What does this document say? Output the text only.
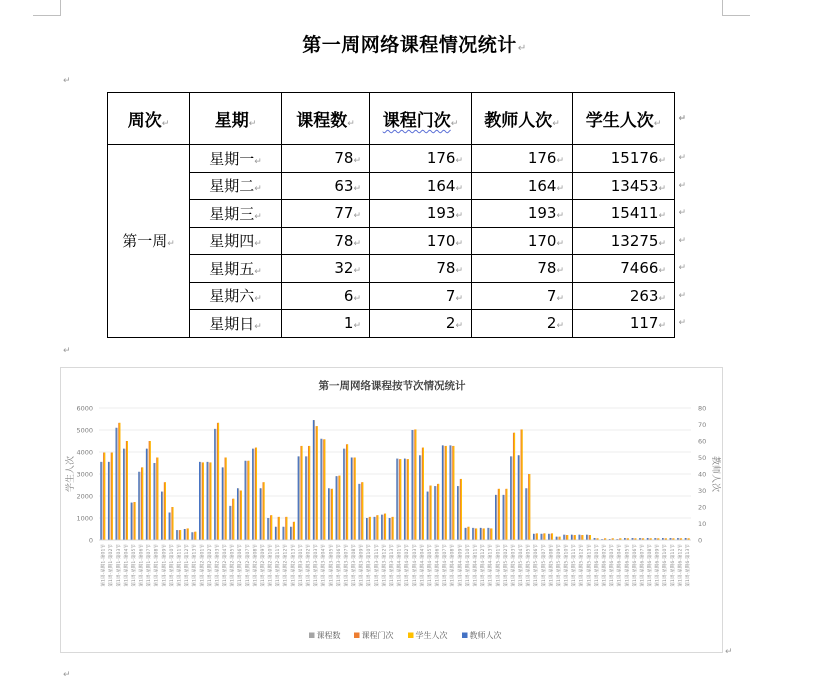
第一周网络课程情况统计↵
↵
周次↵	星期↵	课程数↵	课程门次↵	教师人次↵	学生人次↵
↵

第一周↵	星期一↵	78↵	176↵	176↵	15176↵ ↵

	星期二↵	63↵	164↵	164↵	13453↵ ↵

	星期三↵	77↵	193↵	193↵	15411↵ ↵

	星期四↵	78↵	170↵	170↵	13275↵ ↵

	星期五↵	32↵	78↵	78↵	7466↵ ↵

	星期六↵	6↵	7↵	7↵	263↵ ↵

	星期日↵	1↵	2↵	2↵	117↵ ↵
↵
第一周网络课程按节次情况统计
0
1000
2000
3000
4000
5000
6000
0
10
20
30
40
50
60
70
80
学生人次	教师人次
第1周-星期1-第01节 第1周-星期1-第02节 第1周-星期1-第03节 第1周-星期1-第04节 第1周-星期1-第05节 第1周-星期1-第06节 第1周-星期1-第07节 第1周-星期1-第08节 第1周-星期1-第09节 第1周-星期1-第10节 第1周-星期1-第11节 第1周-星期1-第12节 第1周-星期1-第13节 第1周-星期2-第01节 第1周-星期2-第02节 第1周-星期2-第03节 第1周-星期2-第04节 第1周-星期2-第05节 第1周-星期2-第06节 第1周-星期2-第07节 第1周-星期2-第08节 第1周-星期2-第09节 第1周-星期2-第10节 第1周-星期2-第11节 第1周-星期2-第12节 第1周-星期2-第13节 第1周-星期3-第01节 第1周-星期3-第02节 第1周-星期3-第03节 第1周-星期3-第04节 第1周-星期3-第05节 第1周-星期3-第06节 第1周-星期3-第07节 第1周-星期3-第08节 第1周-星期3-第09节 第1周-星期3-第10节 第1周-星期3-第11节 第1周-星期3-第12节 第1周-星期3-第13节 第1周-星期4-第01节 第1周-星期4-第02节 第1周-星期4-第03节 第1周-星期4-第04节 第1周-星期4-第05节 第1周-星期4-第06节 第1周-星期4-第07节 第1周-星期4-第08节 第1周-星期4-第09节 第1周-星期4-第10节 第1周-星期4-第11节 第1周-星期4-第12节 第1周-星期4-第13节 第1周-星期5-第01节 第1周-星期5-第02节 第1周-星期5-第03节 第1周-星期5-第04节 第1周-星期5-第05节 第1周-星期5-第06节 第1周-星期5-第07节 第1周-星期5-第08节 第1周-星期5-第09节 第1周-星期5-第10节 第1周-星期5-第11节 第1周-星期5-第12节 第1周-星期5-第13节 第1周-星期6-第01节 第1周-星期6-第02节 第1周-星期6-第03节 第1周-星期6-第04节 第1周-星期6-第05节 第1周-星期6-第06节 第1周-星期6-第07节 第1周-星期6-第08节 第1周-星期6-第09节 第1周-星期6-第10节 第1周-星期6-第11节 第1周-星期6-第12节 第1周-星期6-第13节
课程数	课程门次	学生人次	教师人次
↵
↵
